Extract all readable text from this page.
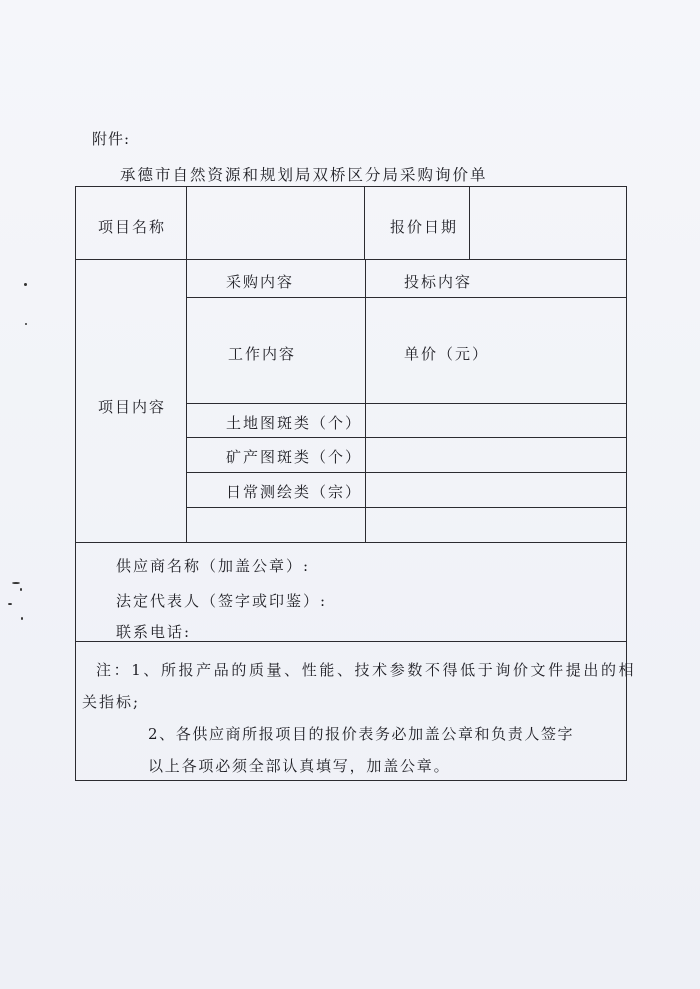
附件:
承德市自然资源和规划局双桥区分局采购询价单
项目名称	报价日期
项目内容
采购内容	投标内容
工作内容	单价（元）
土地图斑类（个）
矿产图斑类（个）
日常测绘类（宗）
供应商名称（加盖公章）:
法定代表人（签字或印鉴）:
联系电话:
注：1、所报产品的质量、性能、技术参数不得低于询价文件提出的相
关指标;
2、各供应商所报项目的报价表务必加盖公章和负责人签字
以上各项必须全部认真填写，加盖公章。
